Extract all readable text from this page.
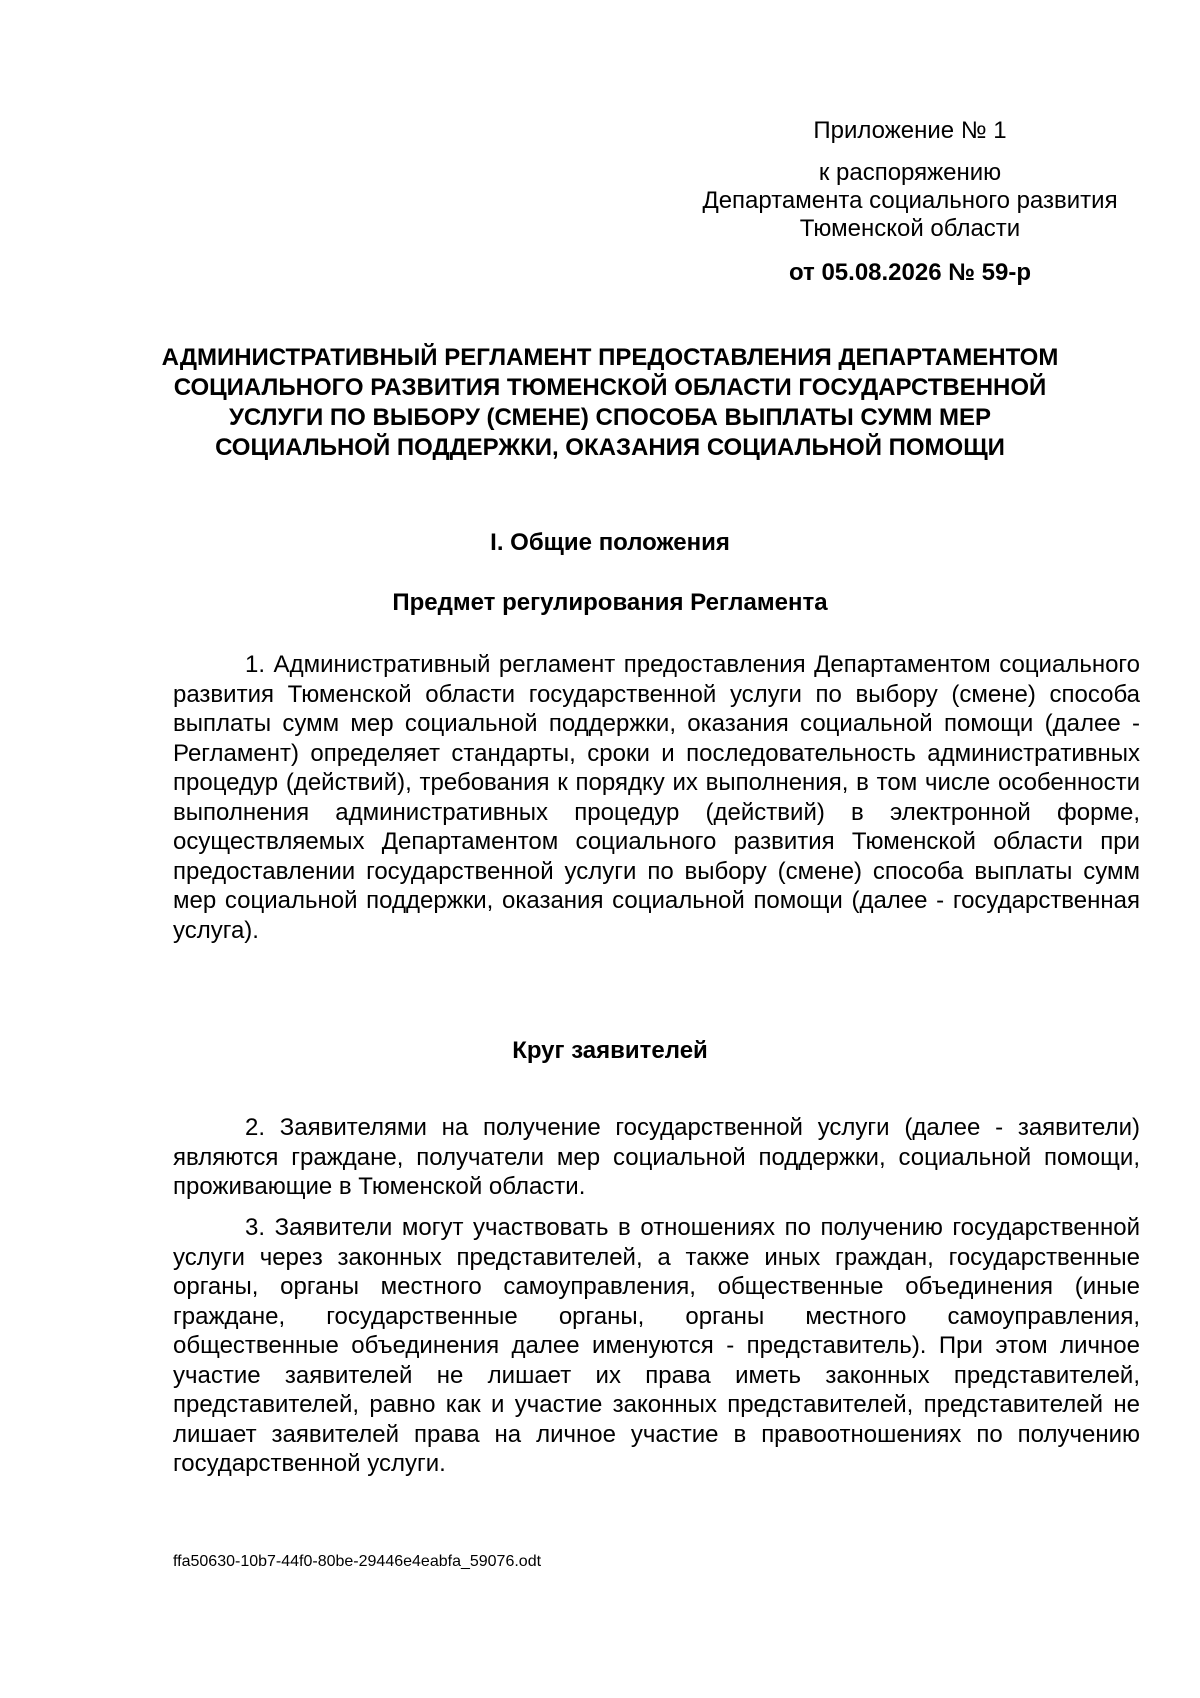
Приложение № 1
к распоряжению
Департамента социального развития
Тюменской области
от 05.08.2026 № 59-р
АДМИНИСТРАТИВНЫЙ РЕГЛАМЕНТ ПРЕДОСТАВЛЕНИЯ ДЕПАРТАМЕНТОМ СОЦИАЛЬНОГО РАЗВИТИЯ ТЮМЕНСКОЙ ОБЛАСТИ ГОСУДАРСТВЕННОЙ УСЛУГИ ПО ВЫБОРУ (СМЕНЕ) СПОСОБА ВЫПЛАТЫ СУММ МЕР СОЦИАЛЬНОЙ ПОДДЕРЖКИ, ОКАЗАНИЯ СОЦИАЛЬНОЙ ПОМОЩИ
I. Общие положения
Предмет регулирования Регламента

1. Административный регламент предоставления Департаментом социального развития Тюменской области государственной услуги по выбору (смене) способа выплаты сумм мер социальной поддержки, оказания социальной помощи (далее - Регламент) определяет стандарты, сроки и последовательность административных процедур (действий), требования к порядку их выполнения, в том числе особенности выполнения административных процедур (действий) в электронной форме, осуществляемых Департаментом социального развития Тюменской области при предоставлении государственной услуги по выбору (смене) способа выплаты сумм мер социальной поддержки, оказания социальной помощи (далее - государственная услуга).

Круг заявителей

2. Заявителями на получение государственной услуги (далее - заявители) являются граждане, получатели мер социальной поддержки, социальной помощи, проживающие в Тюменской области.

3. Заявители могут участвовать в отношениях по получению государственной услуги через законных представителей, а также иных граждан, государственные органы, органы местного самоуправления, общественные объединения (иные граждане, государственные органы, органы местного самоуправления, общественные объединения далее именуются - представитель). При этом личное участие заявителей не лишает их права иметь законных представителей, представителей, равно как и участие законных представителей, представителей не лишает заявителей права на личное участие в правоотношениях по получению государственной услуги.

ffa50630-10b7-44f0-80be-29446e4eabfa_59076.odt
